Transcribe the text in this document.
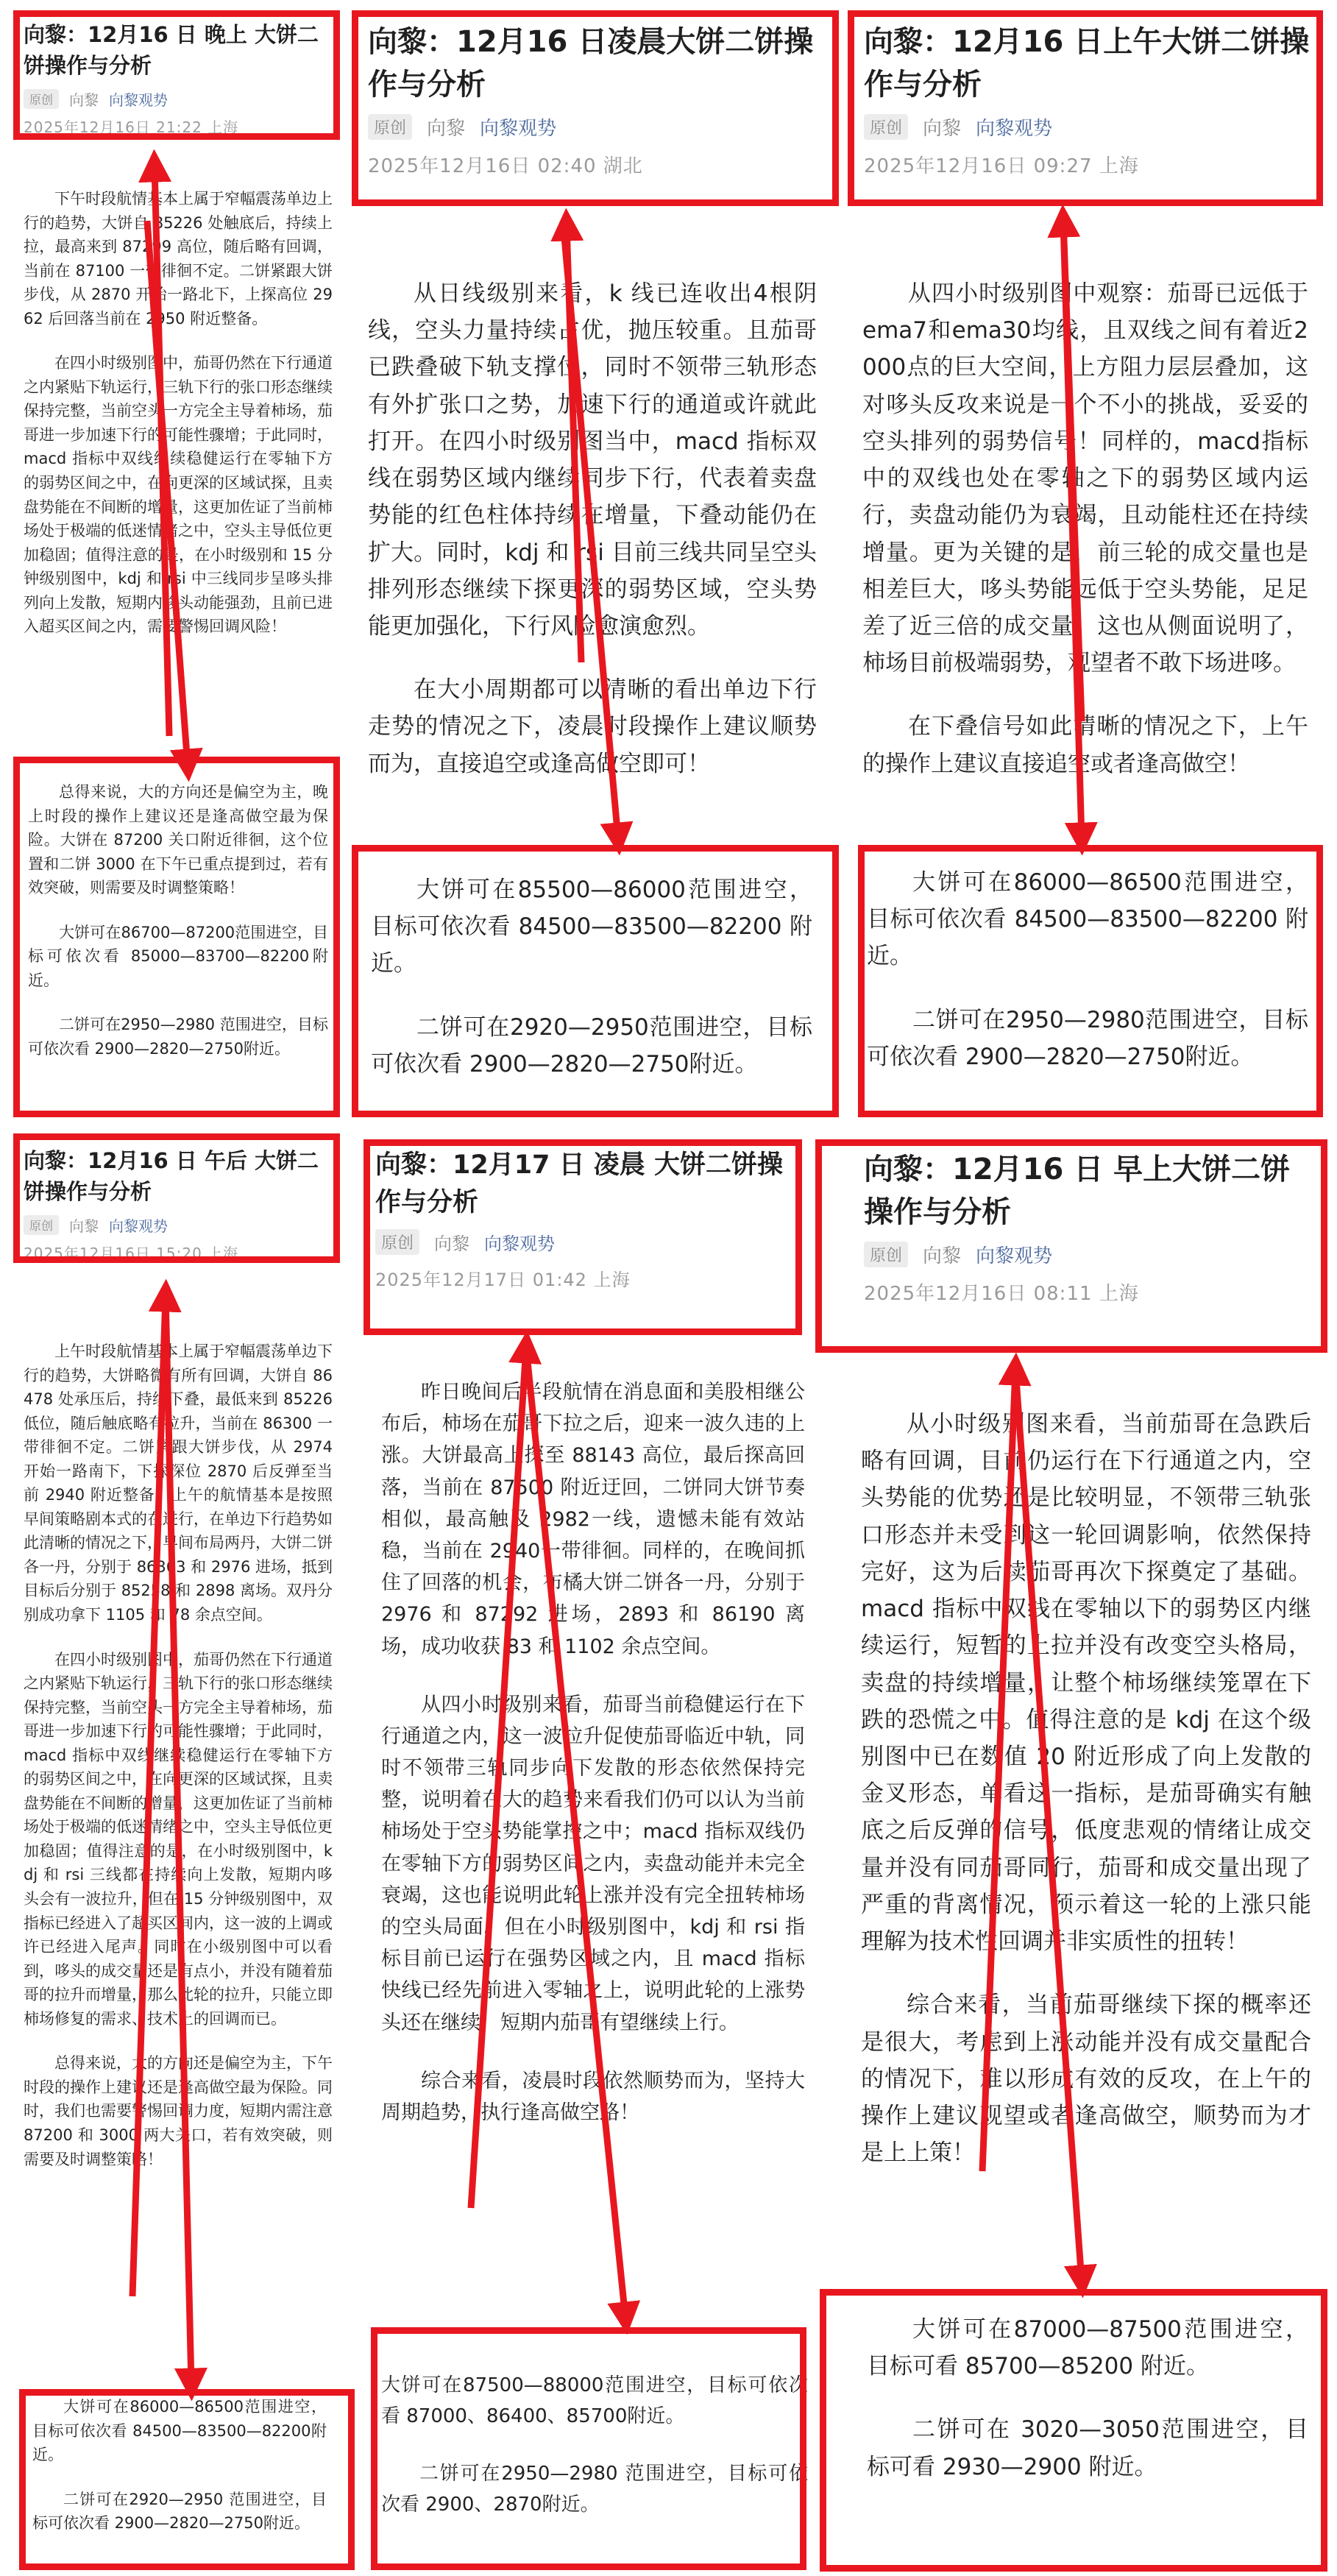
向黎：12月16 日 晚上 大饼二饼操作与分析
原创	向黎 向黎观势
2025年12月16日 21:22 上海

下午时段航情基本上属于窄幅震荡单边上行的趋势，大饼自 85226 处触底后，持续上拉，最高来到 87299 高位，随后略有回调，当前在 87100 一带徘徊不定。二饼紧跟大饼步伐，从 2870 开始一路北下，上探高位 2962 后回落当前在 2950 附近整备。

在四小时级别图中，茄哥仍然在下行通道之内紧贴下轨运行，三轨下行的张口形态继续保持完整，当前空头一方完全主导着柿场，茄哥进一步加速下行的可能性骤增；于此同时，macd 指标中双线继续稳健运行在零轴下方的弱势区间之中，在向更深的区域试探，且卖盘势能在不间断的增量，这更加佐证了当前柿场处于极端的低迷情绪之中，空头主导低位更加稳固；值得注意的是，在小时级别和 15 分钟级别图中，kdj 和 rsi 中三线同步呈哆头排列向上发散，短期内哆头动能强劲，且前已进入超买区间之内，需要警惕回调风险！

总得来说，大的方向还是偏空为主，晚上时段的操作上建议还是逢高做空最为保险。大饼在 87200 关口附近徘徊，这个位置和二饼 3000 在下午已重点提到过，若有效突破，则需要及时调整策略！

大饼可在86700—87200范围进空，目标可依次看 85000—83700—82200附近。

二饼可在2950—2980 范围进空，目标可依次看 2900—2820—2750附近。

向黎：12月16 日凌晨大饼二饼操作与分析
原创	向黎 向黎观势
2025年12月16日 02:40 湖北

从日线级别来看，k 线已连收出4根阴线，空头力量持续占优，抛压较重。且茄哥已跌叠破下轨支撑位，同时不领带三轨形态有外扩张口之势，加速下行的通道或许就此打开。在四小时级别图当中，macd 指标双线在弱势区域内继续同步下行，代表着卖盘势能的红色柱体持续在增量，下叠动能仍在扩大。同时，kdj 和 rsi 目前三线共同呈空头排列形态继续下探更深的弱势区域，空头势能更加强化，下行风险愈演愈烈。

在大小周期都可以清晰的看出单边下行走势的情况之下，凌晨时段操作上建议顺势而为，直接追空或逢高做空即可！

大饼可在85500—86000范围进空，目标可依次看 84500—83500—82200 附近。

二饼可在2920—2950范围进空，目标可依次看 2900—2820—2750附近。

向黎：12月16 日上午大饼二饼操作与分析
原创	向黎 向黎观势
2025年12月16日 09:27 上海

从四小时级别图中观察：茄哥已远低于ema7和ema30均线，且双线之间有着近2000点的巨大空间，上方阻力层层叠加，这对哆头反攻来说是一个不小的挑战，妥妥的空头排列的弱势信号！同样的，macd指标中的双线也处在零轴之下的弱势区域内运行，卖盘动能仍为衰竭，且动能柱还在持续增量。更为关键的是，前三轮的成交量也是相差巨大，哆头势能远低于空头势能，足足差了近三倍的成交量，这也从侧面说明了，柿场目前极端弱势，观望者不敢下场进哆。

在下叠信号如此清晰的情况之下，上午的操作上建议直接追空或者逢高做空！

大饼可在86000—86500范围进空，目标可依次看 84500—83500—82200 附近。

二饼可在2950—2980范围进空，目标可依次看 2900—2820—2750附近。

向黎：12月16 日 午后 大饼二饼操作与分析
原创	向黎 向黎观势
2025年12月16日 15:20 上海

上午时段航情基本上属于窄幅震荡单边下行的趋势，大饼略微有所有回调，大饼自 86478 处承压后，持续下叠，最低来到 85226 低位，随后触底略有拉升，当前在 86300 一带徘徊不定。二饼紧跟大饼步伐，从 2974 开始一路南下，下探深位 2870 后反弹至当前 2940 附近整备。上午的航情基本是按照早间策略剧本式的在进行，在单边下行趋势如此清晰的情况之下，早间布局两丹，大饼二饼各一丹，分别于 86363 和 2976 进场，抵到目标后分别于 85258 和 2898 离场。双丹分别成功拿下 1105 和 78 余点空间。

在四小时级别图中，茄哥仍然在下行通道之内紧贴下轨运行，三轨下行的张口形态继续保持完整，当前空头一方完全主导着柿场，茄哥进一步加速下行的可能性骤增；于此同时，macd 指标中双线继续稳健运行在零轴下方的弱势区间之中，在向更深的区域试探，且卖盘势能在不间断的增量，这更加佐证了当前柿场处于极端的低迷情绪之中，空头主导低位更加稳固；值得注意的是，在小时级别图中，kdj 和 rsi 三线都在持续向上发散，短期内哆头会有一波拉升，但在 15 分钟级别图中，双指标已经进入了超买区间内，这一波的上调或许已经进入尾声。同时在小级别图中可以看到，哆头的成交量还是有点小，并没有随着茄哥的拉升而增量，那么此轮的拉升，只能立即柿场修复的需求、技术上的回调而已。

总得来说，大的方向还是偏空为主，下午时段的操作上建议还是逢高做空最为保险。同时，我们也需要警惕回调力度，短期内需注意 87200 和 3000 两大关口，若有效突破，则需要及时调整策略！

大饼可在86000—86500范围进空，目标可依次看 84500—83500—82200附近。

二饼可在2920—2950 范围进空，目标可依次看 2900—2820—2750附近。

向黎：12月17 日 凌晨 大饼二饼操作与分析
原创	向黎 向黎观势
2025年12月17日 01:42 上海

昨日晚间后半段航情在消息面和美股相继公布后，柿场在茄哥下拉之后，迎来一波久违的上涨。大饼最高上探至 88143 高位，最后探高回落，当前在 87500 附近迂回，二饼同大饼节奏相似，最高触及 2982一线，遗憾未能有效站稳，当前在 2940一带徘徊。同样的，在晚间抓住了回落的机会，布橘大饼二饼各一丹，分别于 2976 和 87292 进场，2893 和 86190 离场，成功收获 83 和 1102 余点空间。

从四小时级别来看，茄哥当前稳健运行在下行通道之内，这一波拉升促使茄哥临近中轨，同时不领带三轨同步向下发散的形态依然保持完整，说明着在大的趋势来看我们仍可以认为当前柿场处于空头势能掌控之中；macd 指标双线仍在零轴下方的弱势区间之内，卖盘动能并未完全衰竭，这也能说明此轮上涨并没有完全扭转柿场的空头局面。但在小时级别图中，kdj 和 rsi 指标目前已运行在强势区域之内，且 macd 指标快线已经先前进入零轴之上，说明此轮的上涨势头还在继续，短期内茄哥有望继续上行。

综合来看，凌晨时段依然顺势而为，坚持大周期趋势，执行逢高做空路！

大饼可在87500—88000范围进空，目标可依次看 87000、86400、85700附近。

二饼可在2950—2980 范围进空，目标可依次看 2900、2870附近。

向黎：12月16 日 早上大饼二饼操作与分析
原创	向黎 向黎观势
2025年12月16日 08:11 上海

从小时级别图来看，当前茄哥在急跌后略有回调，目前仍运行在下行通道之内，空头势能的优势还是比较明显，不领带三轨张口形态并未受到这一轮回调影响，依然保持完好，这为后续茄哥再次下探奠定了基础。macd 指标中双线在零轴以下的弱势区内继续运行，短暂的上拉并没有改变空头格局，卖盘的持续增量，让整个柿场继续笼罩在下跌的恐慌之中。值得注意的是 kdj 在这个级别图中已在数值 20 附近形成了向上发散的金叉形态，单看这一指标，是茄哥确实有触底之后反弹的信号，低度悲观的情绪让成交量并没有同茄哥同行，茄哥和成交量出现了严重的背离情况，预示着这一轮的上涨只能理解为技术性回调并非实质性的扭转！

综合来看，当前茄哥继续下探的概率还是很大，考虑到上涨动能并没有成交量配合的情况下，难以形成有效的反攻，在上午的操作上建议观望或者逢高做空，顺势而为才是上上策！

大饼可在87000—87500范围进空，目标可看 85700—85200 附近。

二饼可在 3020—3050范围进空，目标可看 2930—2900 附近。
